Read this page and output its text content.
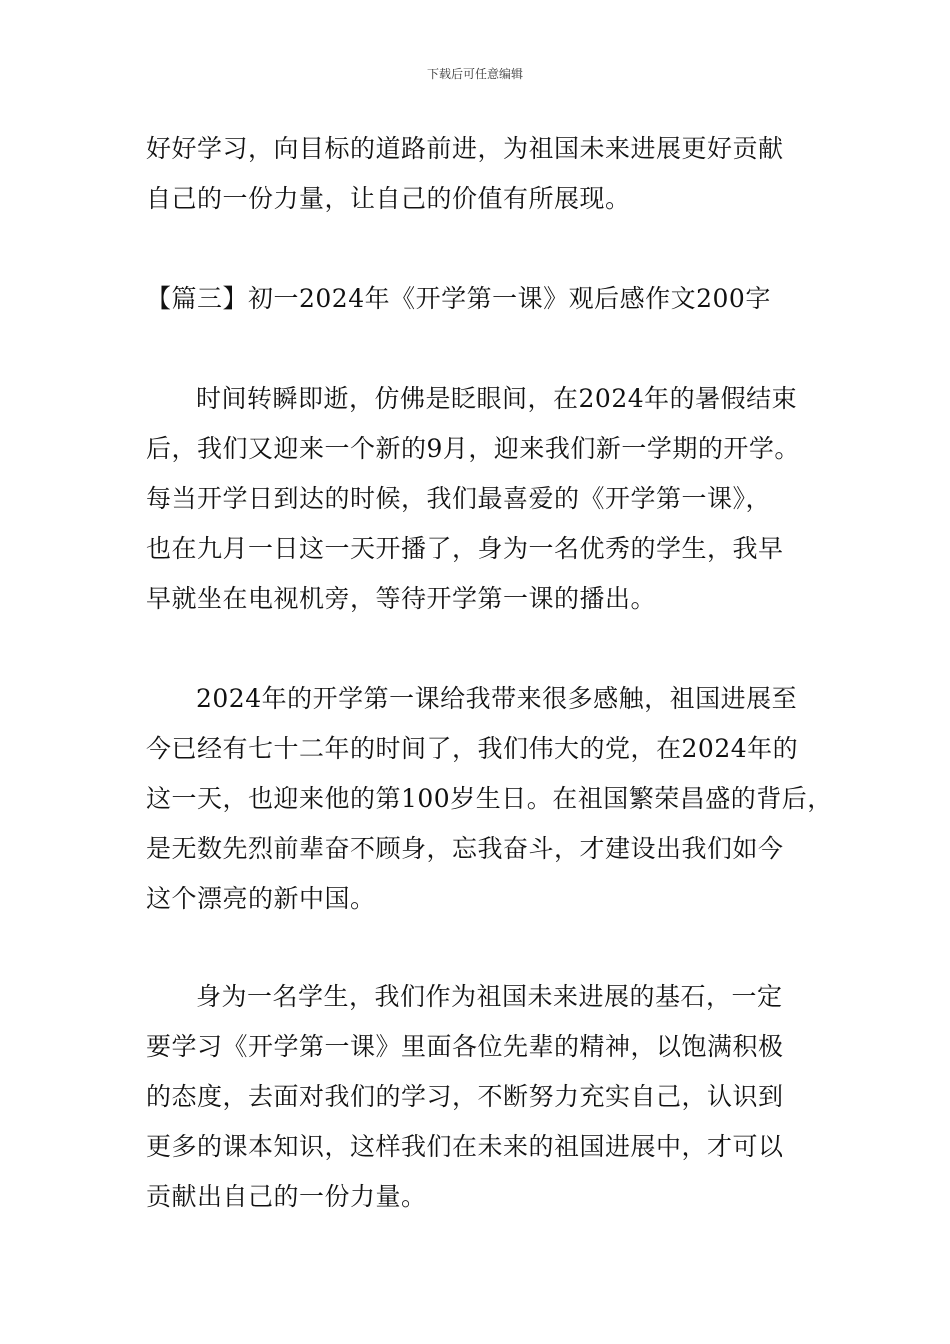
下载后可任意编辑
好好学习，向目标的道路前进，为祖国未来进展更好贡献
自己的一份力量，让自己的价值有所展现。
【篇三】初一2024年《开学第一课》观后感作文200字
时间转瞬即逝，仿佛是眨眼间，在2024年的暑假结束
后，我们又迎来一个新的9月，迎来我们新一学期的开学。
每当开学日到达的时候，我们最喜爱的《开学第一课》，
也在九月一日这一天开播了，身为一名优秀的学生，我早
早就坐在电视机旁，等待开学第一课的播出。
2024年的开学第一课给我带来很多感触，祖国进展至
今已经有七十二年的时间了，我们伟大的党，在2024年的
这一天，也迎来他的第100岁生日。在祖国繁荣昌盛的背后，
是无数先烈前辈奋不顾身，忘我奋斗，才建设出我们如今
这个漂亮的新中国。
身为一名学生，我们作为祖国未来进展的基石，一定
要学习《开学第一课》里面各位先辈的精神，以饱满积极
的态度，去面对我们的学习，不断努力充实自己，认识到
更多的课本知识，这样我们在未来的祖国进展中，才可以
贡献出自己的一份力量。
